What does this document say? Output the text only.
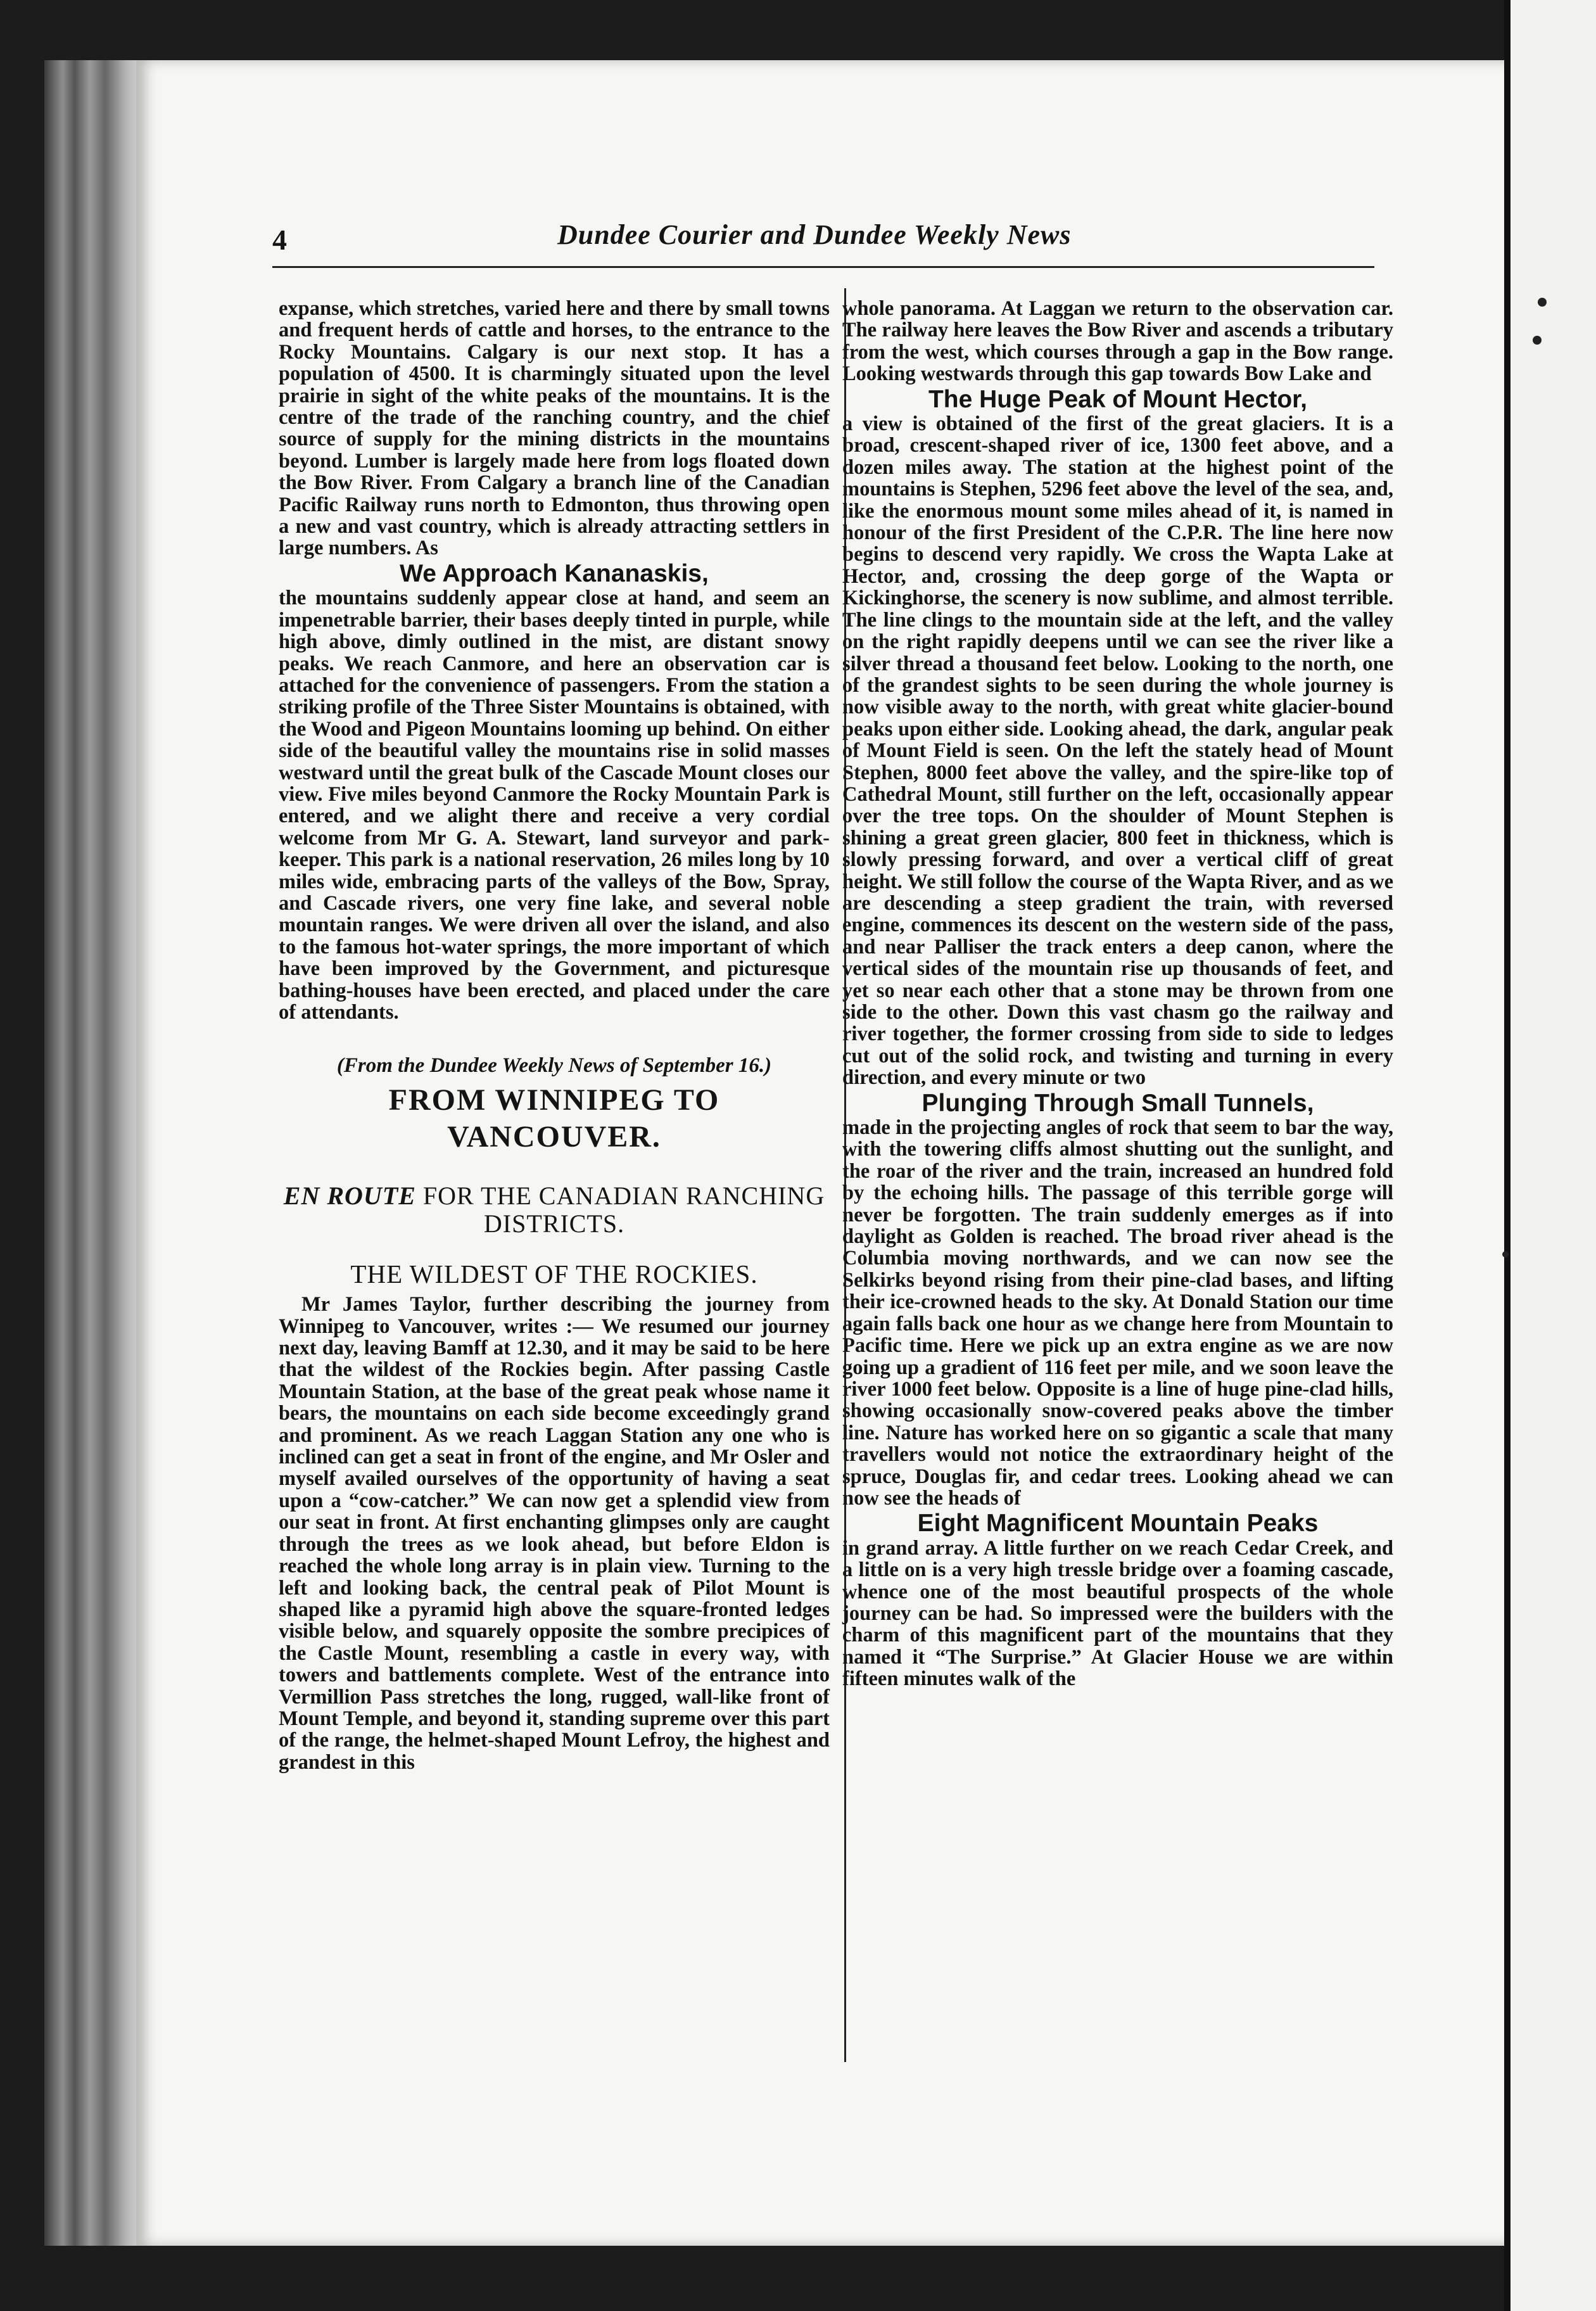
4	Dundee Courier and Dundee Weekly News

expanse, which stretches, varied here and there by small towns and frequent herds of cattle and horses, to the entrance to the Rocky Mountains. Calgary is our next stop. It has a population of 4500. It is charmingly situated upon the level prairie in sight of the white peaks of the mountains. It is the centre of the trade of the ranching country, and the chief source of supply for the mining districts in the mountains beyond. Lumber is largely made here from logs floated down the Bow River. From Calgary a branch line of the Canadian Pacific Railway runs north to Edmonton, thus throwing open a new and vast country, which is already attracting settlers in large numbers. As

We Approach Kananaskis,

the mountains suddenly appear close at hand, and seem an impenetrable barrier, their bases deeply tinted in purple, while high above, dimly outlined in the mist, are distant snowy peaks. We reach Canmore, and here an observation car is attached for the convenience of passengers. From the station a striking profile of the Three Sister Mountains is obtained, with the Wood and Pigeon Mountains looming up behind. On either side of the beautiful valley the mountains rise in solid masses westward until the great bulk of the Cascade Mount closes our view. Five miles beyond Canmore the Rocky Mountain Park is entered, and we alight there and receive a very cordial welcome from Mr G. A. Stewart, land surveyor and park-keeper. This park is a national reservation, 26 miles long by 10 miles wide, embracing parts of the valleys of the Bow, Spray, and Cascade rivers, one very fine lake, and several noble mountain ranges. We were driven all over the island, and also to the famous hot-water springs, the more important of which have been improved by the Government, and picturesque bathing-houses have been erected, and placed under the care of attendants.

(From the Dundee Weekly News of September 16.)
FROM WINNIPEG TO
VANCOUVER.
EN ROUTE FOR THE CANADIAN RANCHING DISTRICTS.
THE WILDEST OF THE ROCKIES.

Mr James Taylor, further describing the journey from Winnipeg to Vancouver, writes :— We resumed our journey next day, leaving Bamff at 12.30, and it may be said to be here that the wildest of the Rockies begin. After passing Castle Mountain Station, at the base of the great peak whose name it bears, the mountains on each side become exceedingly grand and prominent. As we reach Laggan Station any one who is inclined can get a seat in front of the engine, and Mr Osler and myself availed ourselves of the opportunity of having a seat upon a “cow-catcher.” We can now get a splendid view from our seat in front. At first enchanting glimpses only are caught through the trees as we look ahead, but before Eldon is reached the whole long array is in plain view. Turning to the left and looking back, the central peak of Pilot Mount is shaped like a pyramid high above the square-fronted ledges visible below, and squarely opposite the sombre precipices of the Castle Mount, resembling a castle in every way, with towers and battlements complete. West of the entrance into Vermillion Pass stretches the long, rugged, wall-like front of Mount Temple, and beyond it, standing supreme over this part of the range, the helmet-shaped Mount Lefroy, the highest and grandest in this

whole panorama. At Laggan we return to the observation car. The railway here leaves the Bow River and ascends a tributary from the west, which courses through a gap in the Bow range. Looking westwards through this gap towards Bow Lake and

The Huge Peak of Mount Hector,

a view is obtained of the first of the great glaciers. It is a broad, crescent-shaped river of ice, 1300 feet above, and a dozen miles away. The station at the highest point of the mountains is Stephen, 5296 feet above the level of the sea, and, like the enormous mount some miles ahead of it, is named in honour of the first President of the C.P.R. The line here now begins to descend very rapidly. We cross the Wapta Lake at Hector, and, crossing the deep gorge of the Wapta or Kickinghorse, the scenery is now sublime, and almost terrible. The line clings to the mountain side at the left, and the valley on the right rapidly deepens until we can see the river like a silver thread a thousand feet below. Looking to the north, one of the grandest sights to be seen during the whole journey is now visible away to the north, with great white glacier-bound peaks upon either side. Looking ahead, the dark, angular peak of Mount Field is seen. On the left the stately head of Mount Stephen, 8000 feet above the valley, and the spire-like top of Cathedral Mount, still further on the left, occasionally appear over the tree tops. On the shoulder of Mount Stephen is shining a great green glacier, 800 feet in thickness, which is slowly pressing forward, and over a vertical cliff of great height. We still follow the course of the Wapta River, and as we are descending a steep gradient the train, with reversed engine, commences its descent on the western side of the pass, and near Palliser the track enters a deep canon, where the vertical sides of the mountain rise up thousands of feet, and yet so near each other that a stone may be thrown from one side to the other. Down this vast chasm go the railway and river together, the former crossing from side to side to ledges cut out of the solid rock, and twisting and turning in every direction, and every minute or two

Plunging Through Small Tunnels,

made in the projecting angles of rock that seem to bar the way, with the towering cliffs almost shutting out the sunlight, and the roar of the river and the train, increased an hundred fold by the echoing hills. The passage of this terrible gorge will never be forgotten. The train suddenly emerges as if into daylight as Golden is reached. The broad river ahead is the Columbia moving northwards, and we can now see the Selkirks beyond rising from their pine-clad bases, and lifting their ice-crowned heads to the sky. At Donald Station our time again falls back one hour as we change here from Mountain to Pacific time. Here we pick up an extra engine as we are now going up a gradient of 116 feet per mile, and we soon leave the river 1000 feet below. Opposite is a line of huge pine-clad hills, showing occasionally snow-covered peaks above the timber line. Nature has worked here on so gigantic a scale that many travellers would not notice the extraordinary height of the spruce, Douglas fir, and cedar trees. Looking ahead we can now see the heads of

Eight Magnificent Mountain Peaks

in grand array. A little further on we reach Cedar Creek, and a little on is a very high tressle bridge over a foaming cascade, whence one of the most beautiful prospects of the whole journey can be had. So impressed were the builders with the charm of this magnificent part of the mountains that they named it “The Surprise.” At Glacier House we are within fifteen minutes walk of the
